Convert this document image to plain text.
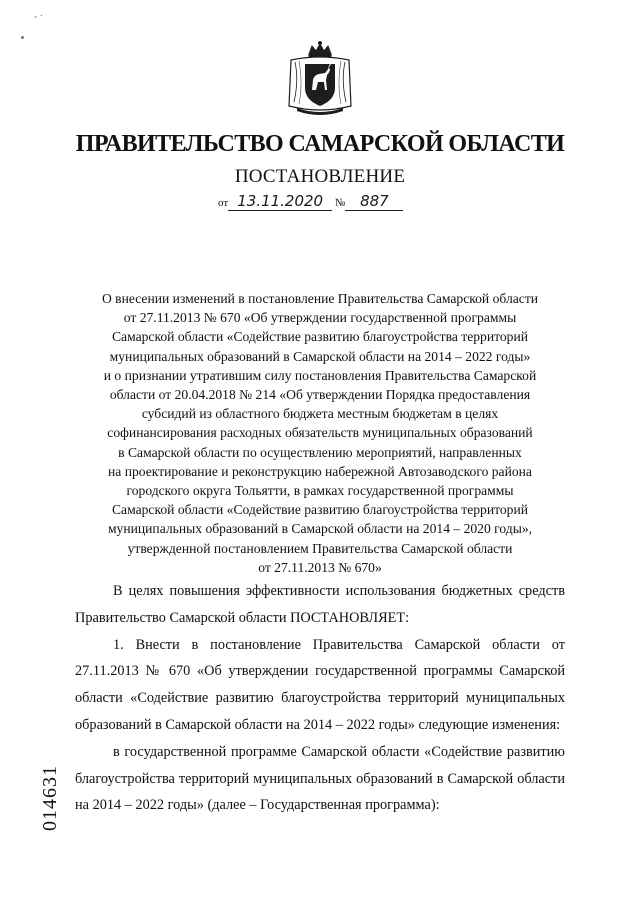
- ·
ПРАВИТЕЛЬСТВО САМАРСКОЙ ОБЛАСТИ
ПОСТАНОВЛЕНИЕ
от 13.11.2020 № 887
О внесении изменений в постановление Правительства Самарской области
от 27.11.2013 № 670 «Об утверждении государственной программы
Самарской области «Содействие развитию благоустройства территорий
муниципальных образований в Самарской области на 2014 – 2022 годы»
и о признании утратившим силу постановления Правительства Самарской
области от 20.04.2018 № 214 «Об утверждении Порядка предоставления
субсидий из областного бюджета местным бюджетам в целях
софинансирования расходных обязательств муниципальных образований
в Самарской области по осуществлению мероприятий, направленных
на проектирование и реконструкцию набережной Автозаводского района
городского округа Тольятти, в рамках государственной программы
Самарской области «Содействие развитию благоустройства территорий
муниципальных образований в Самарской области на 2014 – 2020 годы»,
утвержденной постановлением Правительства Самарской области
от 27.11.2013 № 670»

В целях повышения эффективности использования бюджетных средств Правительство Самарской области ПОСТАНОВЛЯЕТ:

1. Внести в постановление Правительства Самарской области от 27.11.2013 № 670 «Об утверждении государственной программы Самарской области «Содействие развитию благоустройства территорий муниципальных образований в Самарской области на 2014 – 2022 годы» следующие изменения:

в государственной программе Самарской области «Содействие развитию благоустройства территорий муниципальных образований в Самарской области на 2014 – 2022 годы» (далее – Государственная программа):

014631
